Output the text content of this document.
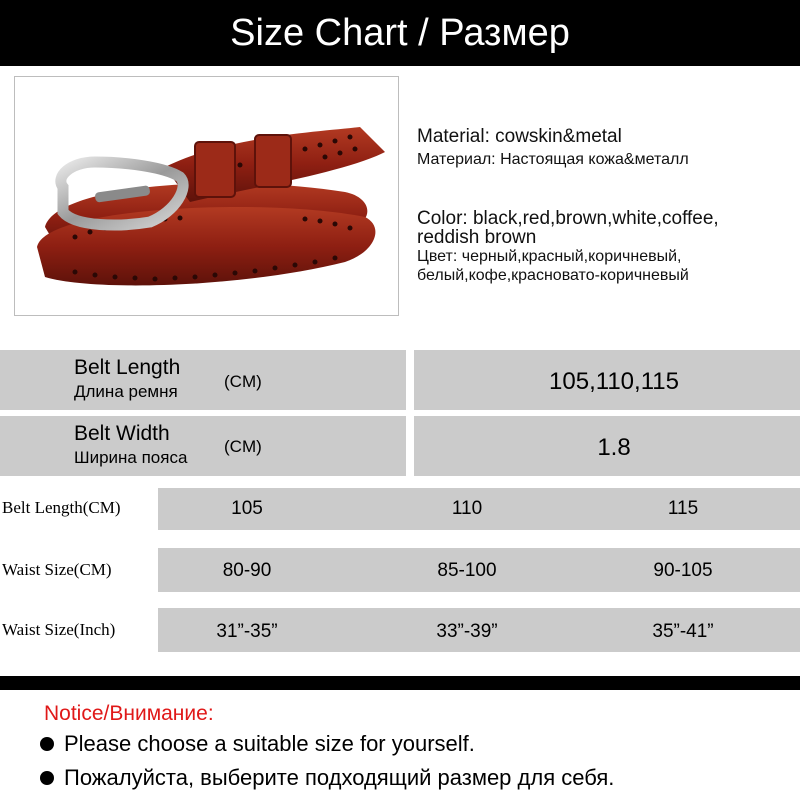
Size Chart / Размер
Material: cowskin&metal
Материал: Настоящая кожа&металл
Color: black,red,brown,white,coffee,
reddish brown
Цвет: черный,красный,коричневый,
белый,кофе,красновато-коричневый
Belt Length
Длина ремня
(CM)	105,110,115
Belt Width
Ширина пояса
(CM)	1.8
Belt Length(CM)	105	110	115
Waist Size(CM)	80-90	85-100	90-105
Waist Size(Inch)	31”-35”	33”-39”	35”-41”
Notice/Внимание:
Please choose a suitable size for yourself.
Пожалуйста, выберите подходящий размер для себя.
